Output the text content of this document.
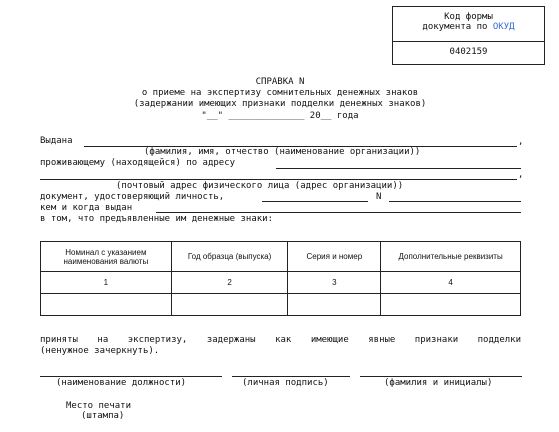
Код формы
документа по ОКУД
0402159
СПРАВКА N
о приеме на экспертизу сомнительных денежных знаков
(задержании имеющих признаки подделки денежных знаков)
"__" ______________ 20__ года
Выдана	,
(фамилия, имя, отчество (наименование организации))
проживающему (находящейся) по адресу
,
(почтовый адрес физического лица (адрес организации))
документ, удостоверяющий личность,	N
кем и когда выдан
в том, что предъявленные им денежные знаки:
Номинал с указанием наименования валюты	Год образца (выпуска)	Серия и номер	Дополнительные реквизиты
1	2	3	4

приняты на экспертизу, задержаны как имеющие явные признаки подделки
(ненужное зачеркнуть).
(наименование должности)	(личная подпись)	(фамилия и инициалы)
Место печати
(штампа)
